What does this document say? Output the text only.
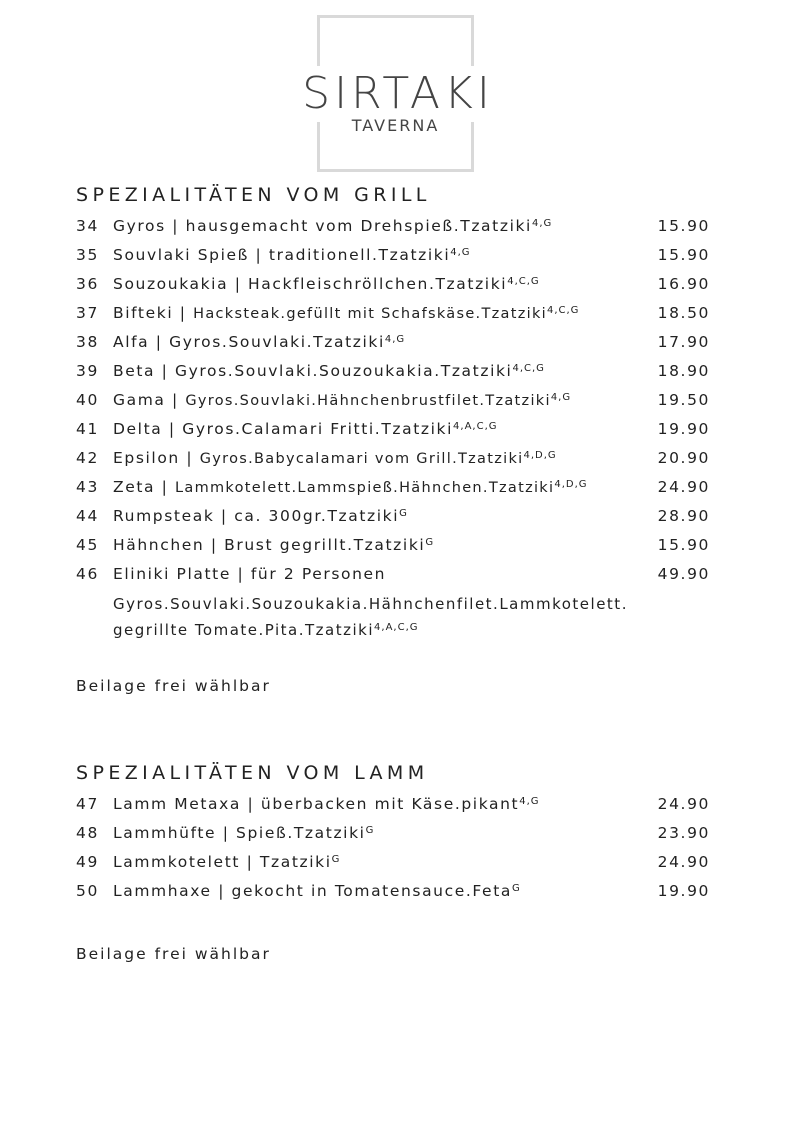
SIRTAKI
TAVERNA
SPEZIALITÄTEN VOM GRILL
34 Gyros | hausgemacht vom Drehspieß.Tzatziki$^{4,G}$	15.90
35 Souvlaki Spieß | traditionell.Tzatziki$^{4,G}$	15.90
36 Souzoukakia | Hackfleischröllchen.Tzatziki$^{4,C,G}$	16.90
37 Bifteki | Hacksteak.gefüllt mit Schafskäse.Tzatziki$^{4,C,G}$	18.50
38 Alfa | Gyros.Souvlaki.Tzatziki$^{4,G}$	17.90
39 Beta | Gyros.Souvlaki.Souzoukakia.Tzatziki$^{4,C,G}$	18.90
40 Gama | Gyros.Souvlaki.Hähnchenbrustfilet.Tzatziki$^{4,G}$	19.50
41 Delta | Gyros.Calamari Fritti.Tzatziki$^{4,A,C,G}$	19.90
42 Epsilon | Gyros.Babycalamari vom Grill.Tzatziki$^{4,D,G}$	20.90
43 Zeta | Lammkotelett.Lammspieß.Hähnchen.Tzatziki$^{4,D,G}$	24.90
44 Rumpsteak | ca. 300gr.Tzatziki$^G$	28.90
45 Hähnchen | Brust gegrillt.Tzatziki$^G$	15.90
46 Eliniki Platte | für 2 Personen	49.90
Gyros.Souvlaki.Souzoukakia.Hähnchenfilet.Lammkotelett.
gegrillte Tomate.Pita.Tzatziki$^{4,A,C,G}$
Beilage frei wählbar
SPEZIALITÄTEN VOM LAMM
47 Lamm Metaxa | überbacken mit Käse.pikant$^{4,G}$	24.90
48 Lammhüfte | Spieß.Tzatziki$^G$	23.90
49 Lammkotelett | Tzatziki$^G$	24.90
50 Lammhaxe | gekocht in Tomatensauce.Feta$^G$	19.90
Beilage frei wählbar
